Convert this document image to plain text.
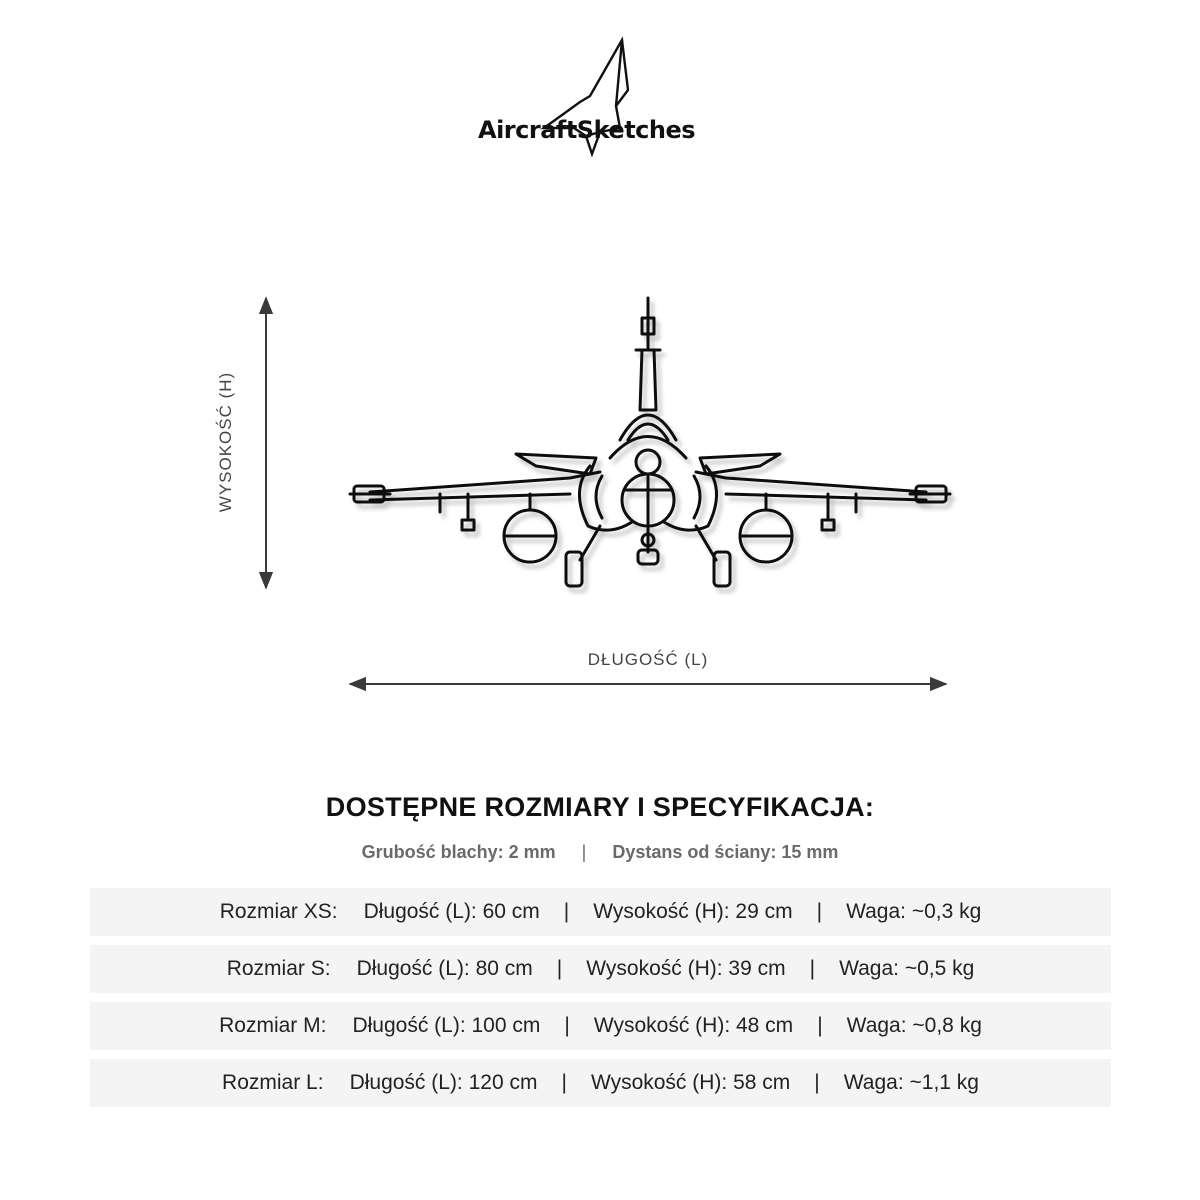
AircraftSketches
WYSOKOŚĆ (H)
DŁUGOŚĆ (L)
DOSTĘPNE ROZMIARY I SPECYFIKACJA:
Grubość blachy: 2 mm | Dystans od ściany: 15 mm
Rozmiar XS: Długość (L): 60 cm | Wysokość (H): 29 cm | Waga: ~0,3 kg
Rozmiar S: Długość (L): 80 cm | Wysokość (H): 39 cm | Waga: ~0,5 kg
Rozmiar M: Długość (L): 100 cm | Wysokość (H): 48 cm | Waga: ~0,8 kg
Rozmiar L: Długość (L): 120 cm | Wysokość (H): 58 cm | Waga: ~1,1 kg
